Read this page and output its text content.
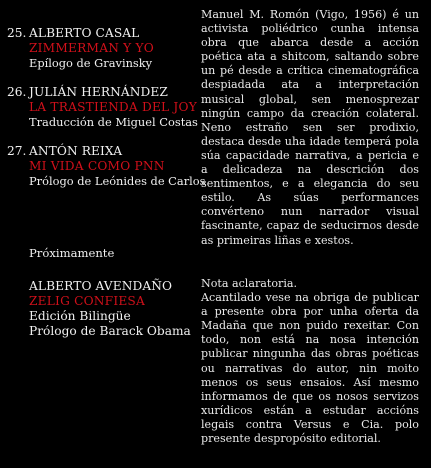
25. ALBERTO CASAL
ZIMMERMAN Y YO
Epílogo de Gravinsky
26. JULIÁN HERNÁNDEZ
LA TRASTIENDA DEL JOY
Traducción de Miguel Costas
27. ANTÓN REIXA
MI VIDA COMO PNN
Prólogo de Leónides de Carlos
Próximamente
ALBERTO AVENDAÑO
ZELIG CONFIESA
Edición Bilingüe
Prólogo de Barack Obama

Manuel M. Romón (Vigo, 1956) é un activista poliédrico cunha intensa obra que abarca desde a acción poética ata a shitcom, saltando sobre un pé desde a crítica cinematográfica despiadada ata a interpretación musical global, sen menosprezar ningún campo da creación colateral. Neno estraño sen ser prodixio, destaca desde uha idade temperá pola súa capacidade narrativa, a pericia e a delicadeza na descrición dos sentimentos, e a elegancia do seu estilo. As súas performances convérteno nun narrador visual fascinante, capaz de seducirnos desde as primeiras liñas e xestos.

Nota aclaratoria.

Acantilado vese na obriga de publicar a presente obra por unha oferta da Madaña que non puido rexeitar. Con todo, non está na nosa intención publicar ningunha das obras poéticas ou narrativas do autor, nin moito menos os seus ensaios. Así mesmo informamos de que os nosos servizos xurídicos están a estudar accións legais contra Versus e Cia. polo presente despropósito editorial.
